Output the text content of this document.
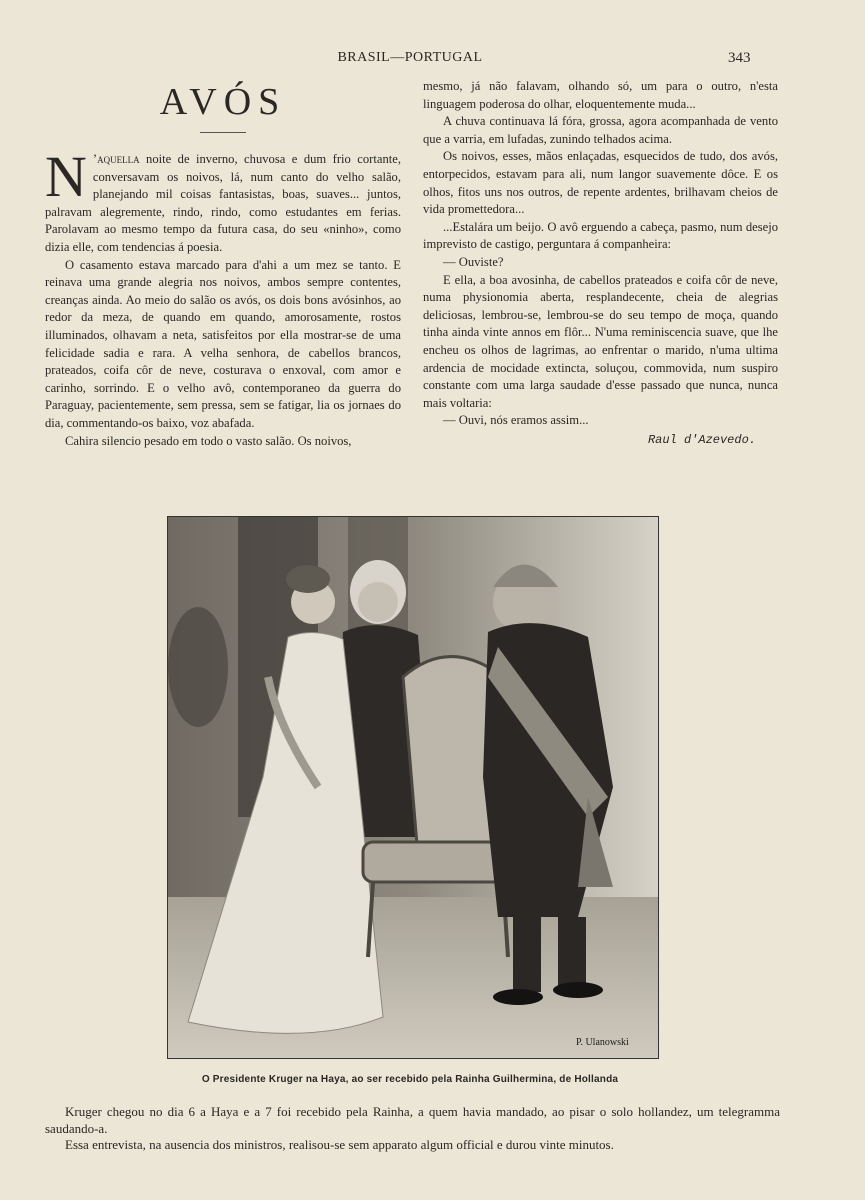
BRASIL—PORTUGAL	343
AVÓS

N ’aquella noite de inverno, chuvosa e dum frio cortante, conversavam os noivos, lá, num canto do velho salão, planejando mil coisas fantasistas, boas, suaves... juntos, palravam alegremente, rindo, rindo, como estudantes em ferias. Parolavam ao mesmo tempo da futura casa, do seu «ninho», como dizia elle, com tendencias á poesia.

O casamento estava marcado para d'ahi a um mez se tanto. E reinava uma grande alegria nos noivos, ambos sempre contentes, creanças ainda. Ao meio do salão os avós, os dois bons avósinhos, ao redor da meza, de quando em quando, amorosamente, rostos illuminados, olhavam a neta, satisfeitos por ella mostrar-se de uma felicidade sadia e rara. A velha senhora, de cabellos brancos, prateados, coifa côr de neve, costurava o enxoval, com amor e carinho, sorrindo. E o velho avô, contemporaneo da guerra do Paraguay, pacientemente, sem pressa, sem se fatigar, lia os jornaes do dia, commentando-os baixo, voz abafada.

Cahira silencio pesado em todo o vasto salão. Os noivos,

mesmo, já não falavam, olhando só, um para o outro, n'esta linguagem poderosa do olhar, eloquentemente muda...

A chuva continuava lá fóra, grossa, agora acompanhada de vento que a varria, em lufadas, zunindo telhados acima.

Os noivos, esses, mãos enlaçadas, esquecidos de tudo, dos avós, entorpecidos, estavam para ali, num langor suavemente dôce. E os olhos, fitos uns nos outros, de repente ardentes, brilhavam cheios de vida promettedora...

...Estalára um beijo. O avô erguendo a cabeça, pasmo, num desejo imprevisto de castigo, perguntara á companheira:

— Ouviste?

E ella, a boa avosinha, de cabellos prateados e coifa côr de neve, numa physionomia aberta, resplandecente, cheia de alegrias deliciosas, lembrou-se, lembrou-se do seu tempo de moça, quando tinha ainda vinte annos em flôr... N'uma reminiscencia suave, que lhe encheu os olhos de lagrimas, ao enfrentar o marido, n'uma ultima ardencia de mocidade extincta, soluçou, commovida, num suspiro constante com uma larga saudade d'esse passado que nunca, nunca mais voltaria:

— Ouvi, nós eramos assim...

Raul d'Azevedo.
P. Ulanowski
O Presidente Kruger na Haya, ao ser recebido pela Rainha Guilhermina, de Hollanda

Kruger chegou no dia 6 a Haya e a 7 foi recebido pela Rainha, a quem havia mandado, ao pisar o solo hollandez, um telegramma saudando-a.

Essa entrevista, na ausencia dos ministros, realisou-se sem apparato algum official e durou vinte minutos.
